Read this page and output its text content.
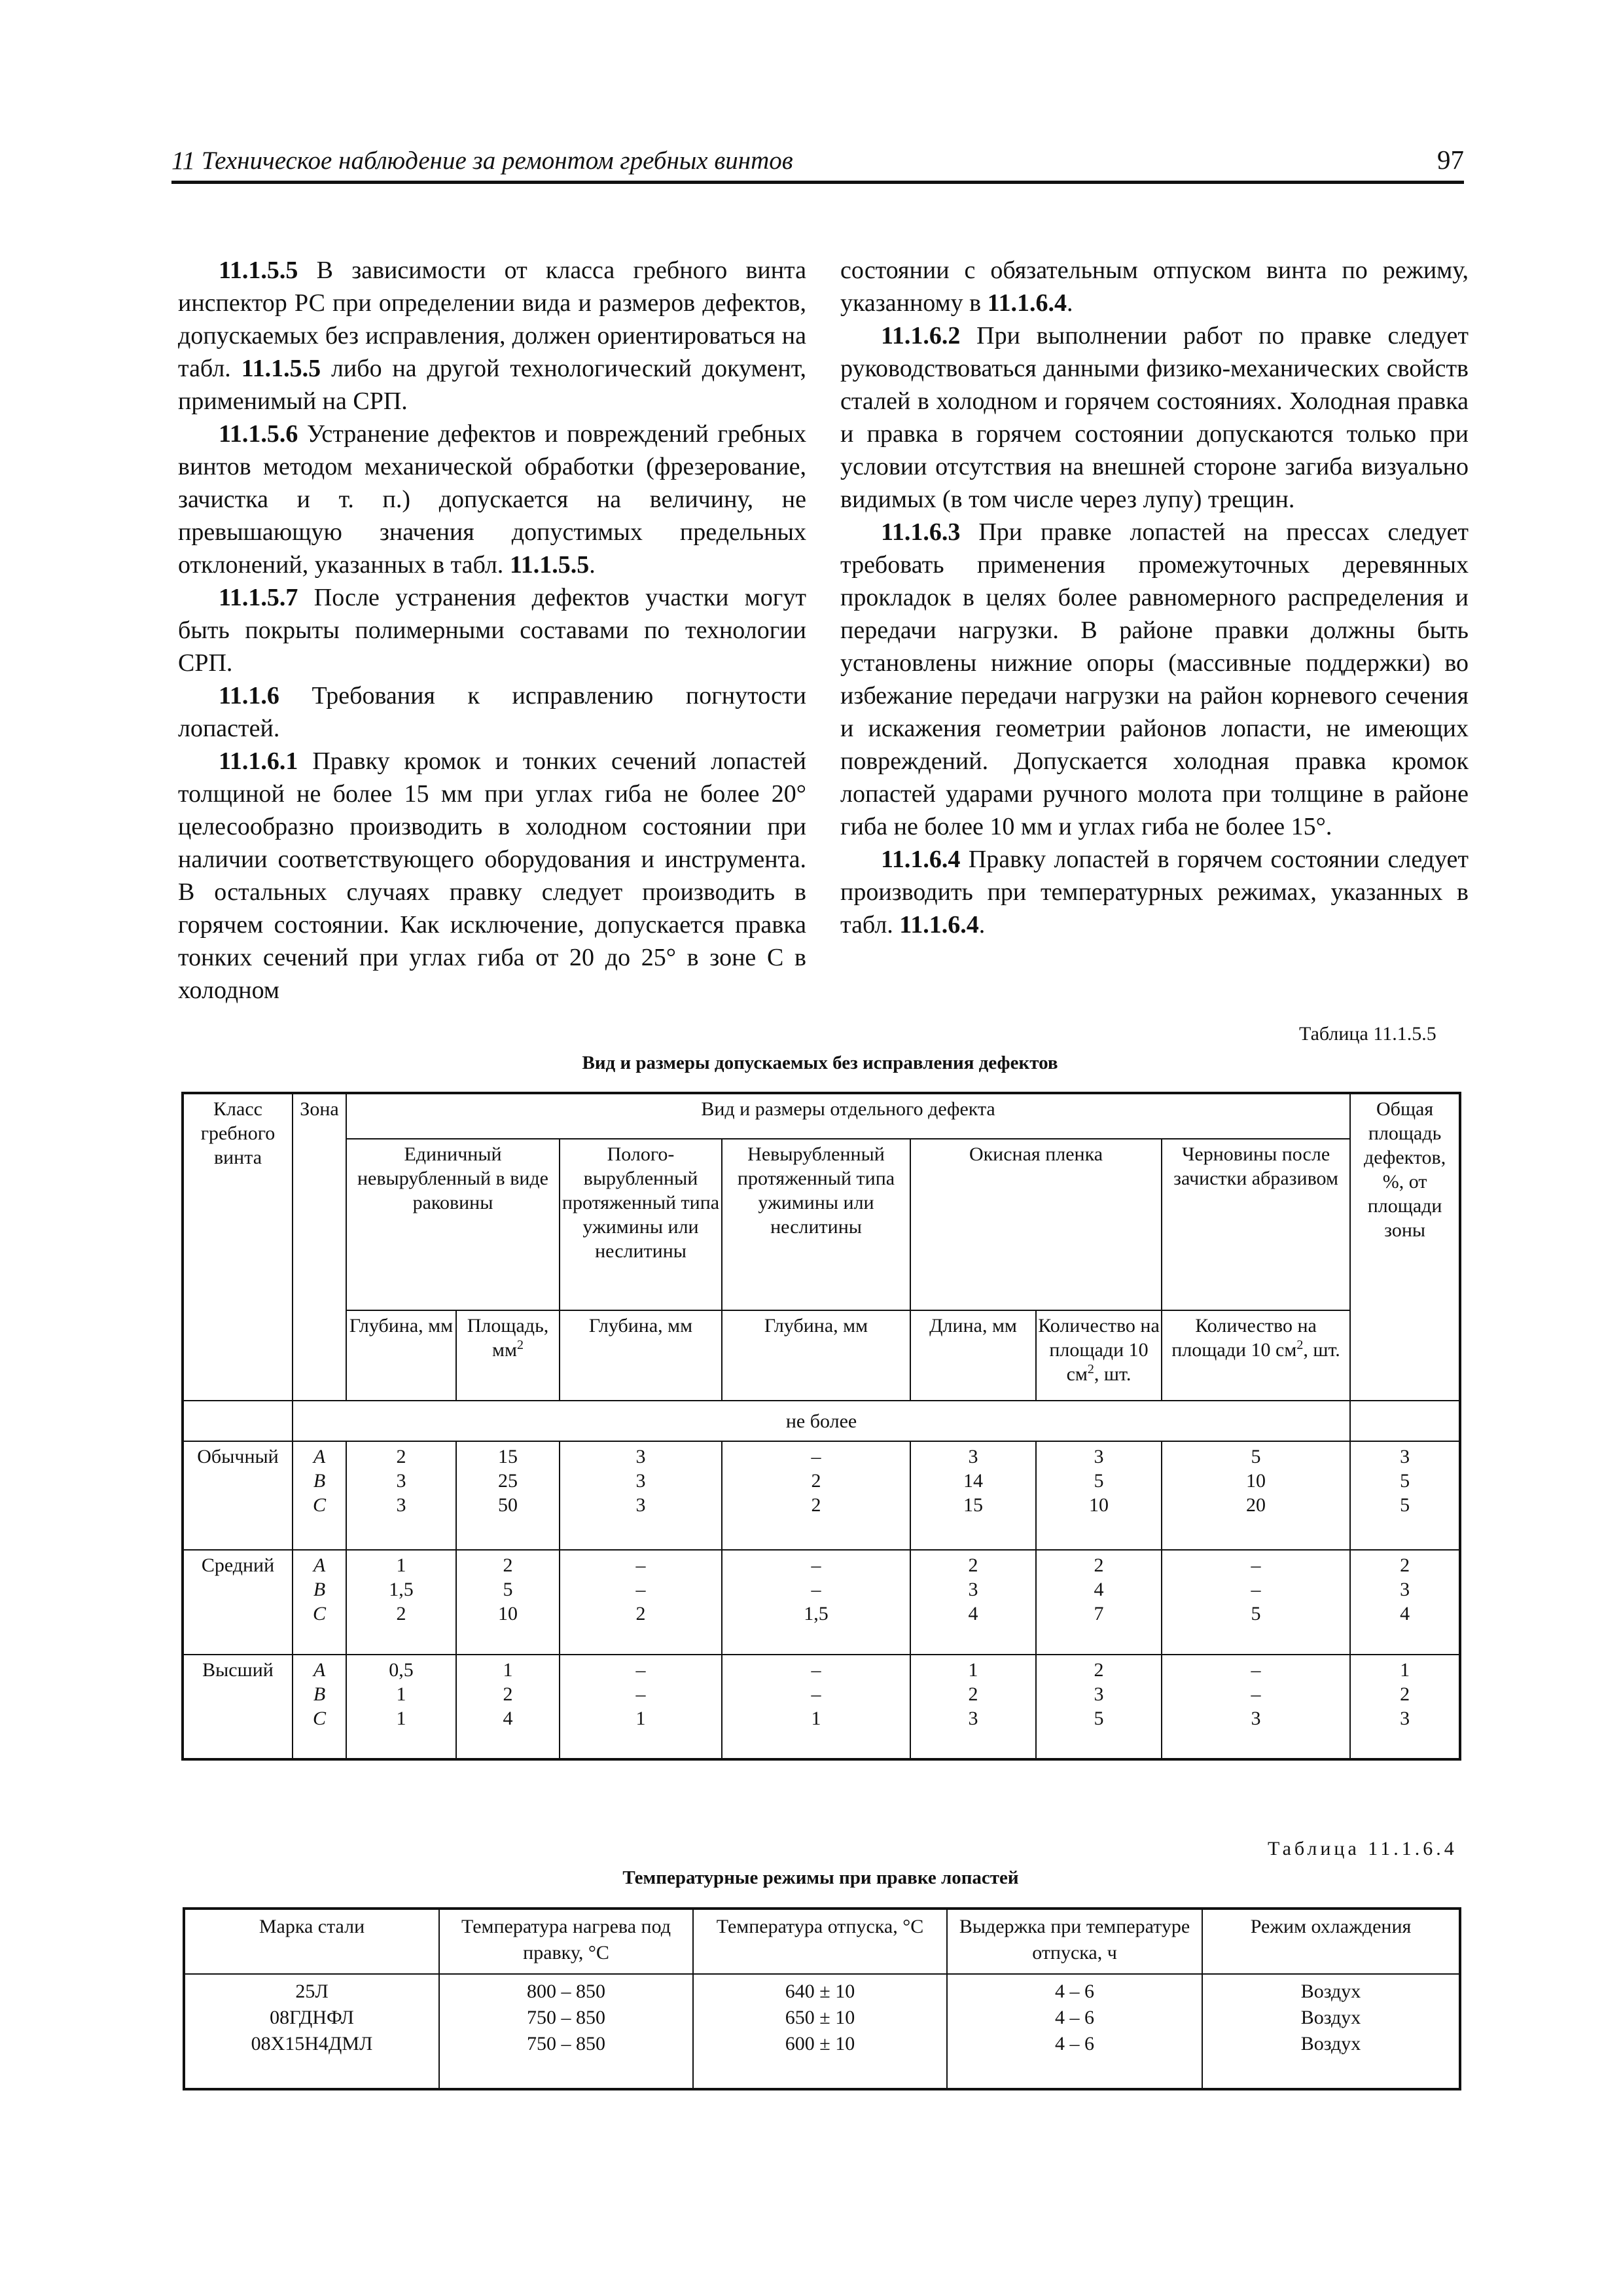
11 Техническое наблюдение за ремонтом гребных винтов	97

11.1.5.5 В зависимости от класса гребного винта инспектор РС при определении вида и размеров дефектов, допускаемых без исправления, должен ориентироваться на табл. 11.1.5.5 либо на другой технологический документ, применимый на СРП.

11.1.5.6 Устранение дефектов и повреждений гребных винтов методом механической обработки (фрезерование, зачистка и т. п.) допускается на величину, не превышающую значения допустимых предельных отклонений, указанных в табл. 11.1.5.5.

11.1.5.7 После устранения дефектов участки могут быть покрыты полимерными составами по технологии СРП.

11.1.6 Требования к исправлению погнутости лопастей.

11.1.6.1 Правку кромок и тонких сечений лопастей толщиной не более 15 мм при углах гиба не более 20° целесообразно производить в холодном состоянии при наличии соответствующего оборудования и инструмента. В остальных случаях правку следует производить в горячем состоянии. Как исключение, допускается правка тонких сечений при углах гиба от 20 до 25° в зоне С в холодном

состоянии с обязательным отпуском винта по режиму, указанному в 11.1.6.4.

11.1.6.2 При выполнении работ по правке следует руководствоваться данными физико-механических свойств сталей в холодном и горячем состояниях. Холодная правка и правка в горячем состоянии допускаются только при условии отсутствия на внешней стороне загиба визуально видимых (в том числе через лупу) трещин.

11.1.6.3 При правке лопастей на прессах следует требовать применения промежуточных деревянных прокладок в целях более равномерного распределения и передачи нагрузки. В районе правки должны быть установлены нижние опоры (массивные поддержки) во избежание передачи нагрузки на район корневого сечения и искажения геометрии районов лопасти, не имеющих повреждений. Допускается холодная правка кромок лопастей ударами ручного молота при толщине в районе гиба не более 10 мм и углах гиба не более 15°.

11.1.6.4 Правку лопастей в горячем состоянии следует производить при температурных режимах, указанных в табл. 11.1.6.4.

Таблица 11.1.5.5
Вид и размеры допускаемых без исправления дефектов
Класс гребного винта	Зона	Вид и размеры отдельного дефекта							Общая площадь дефектов, %, от площади зоны
		Единичный невырубленный в виде раковины		Полого-вырубленный протяженный типа ужимины или неслитины	Невырубленный протяженный типа ужимины или неслитины	Окисная пленка		Черновины после зачистки абразивом	
		Глубина, мм	Площадь, $мм^2$	Глубина, мм	Глубина, мм	Длина, мм	Количество на площади 10 $см^2$, шт.	Количество на площади 10 $см^2$, шт.	
	не более								
Обычный	A
B
C	2
3
3	15
25
50	3
3
3	–
2
2	3
14
15	3
5
10	5
10
20	3
5
5

Средний	A
B
C	1
1,5
2	2
5
10	–
–
2	–
–
1,5	2
3
4	2
4
7	–
–
5	2
3
4

Высший	A
B
C	0,5
1
1	1
2
4	–
–
1	–
–
1	1
2
3	2
3
5	–
–
3	1
2
3
Таблица 11.1.6.4
Температурные режимы при правке лопастей
Марка стали	Температура нагрева под правку, °С	Температура отпуска, °С	Выдержка при температуре отпуска, ч	Режим охлаждения

25Л
08ГДНФЛ
08Х15Н4ДМЛ	800 – 850
750 – 850
750 – 850	640 ± 10
650 ± 10
600 ± 10	4 – 6
4 – 6
4 – 6	Воздух
Воздух
Воздух
